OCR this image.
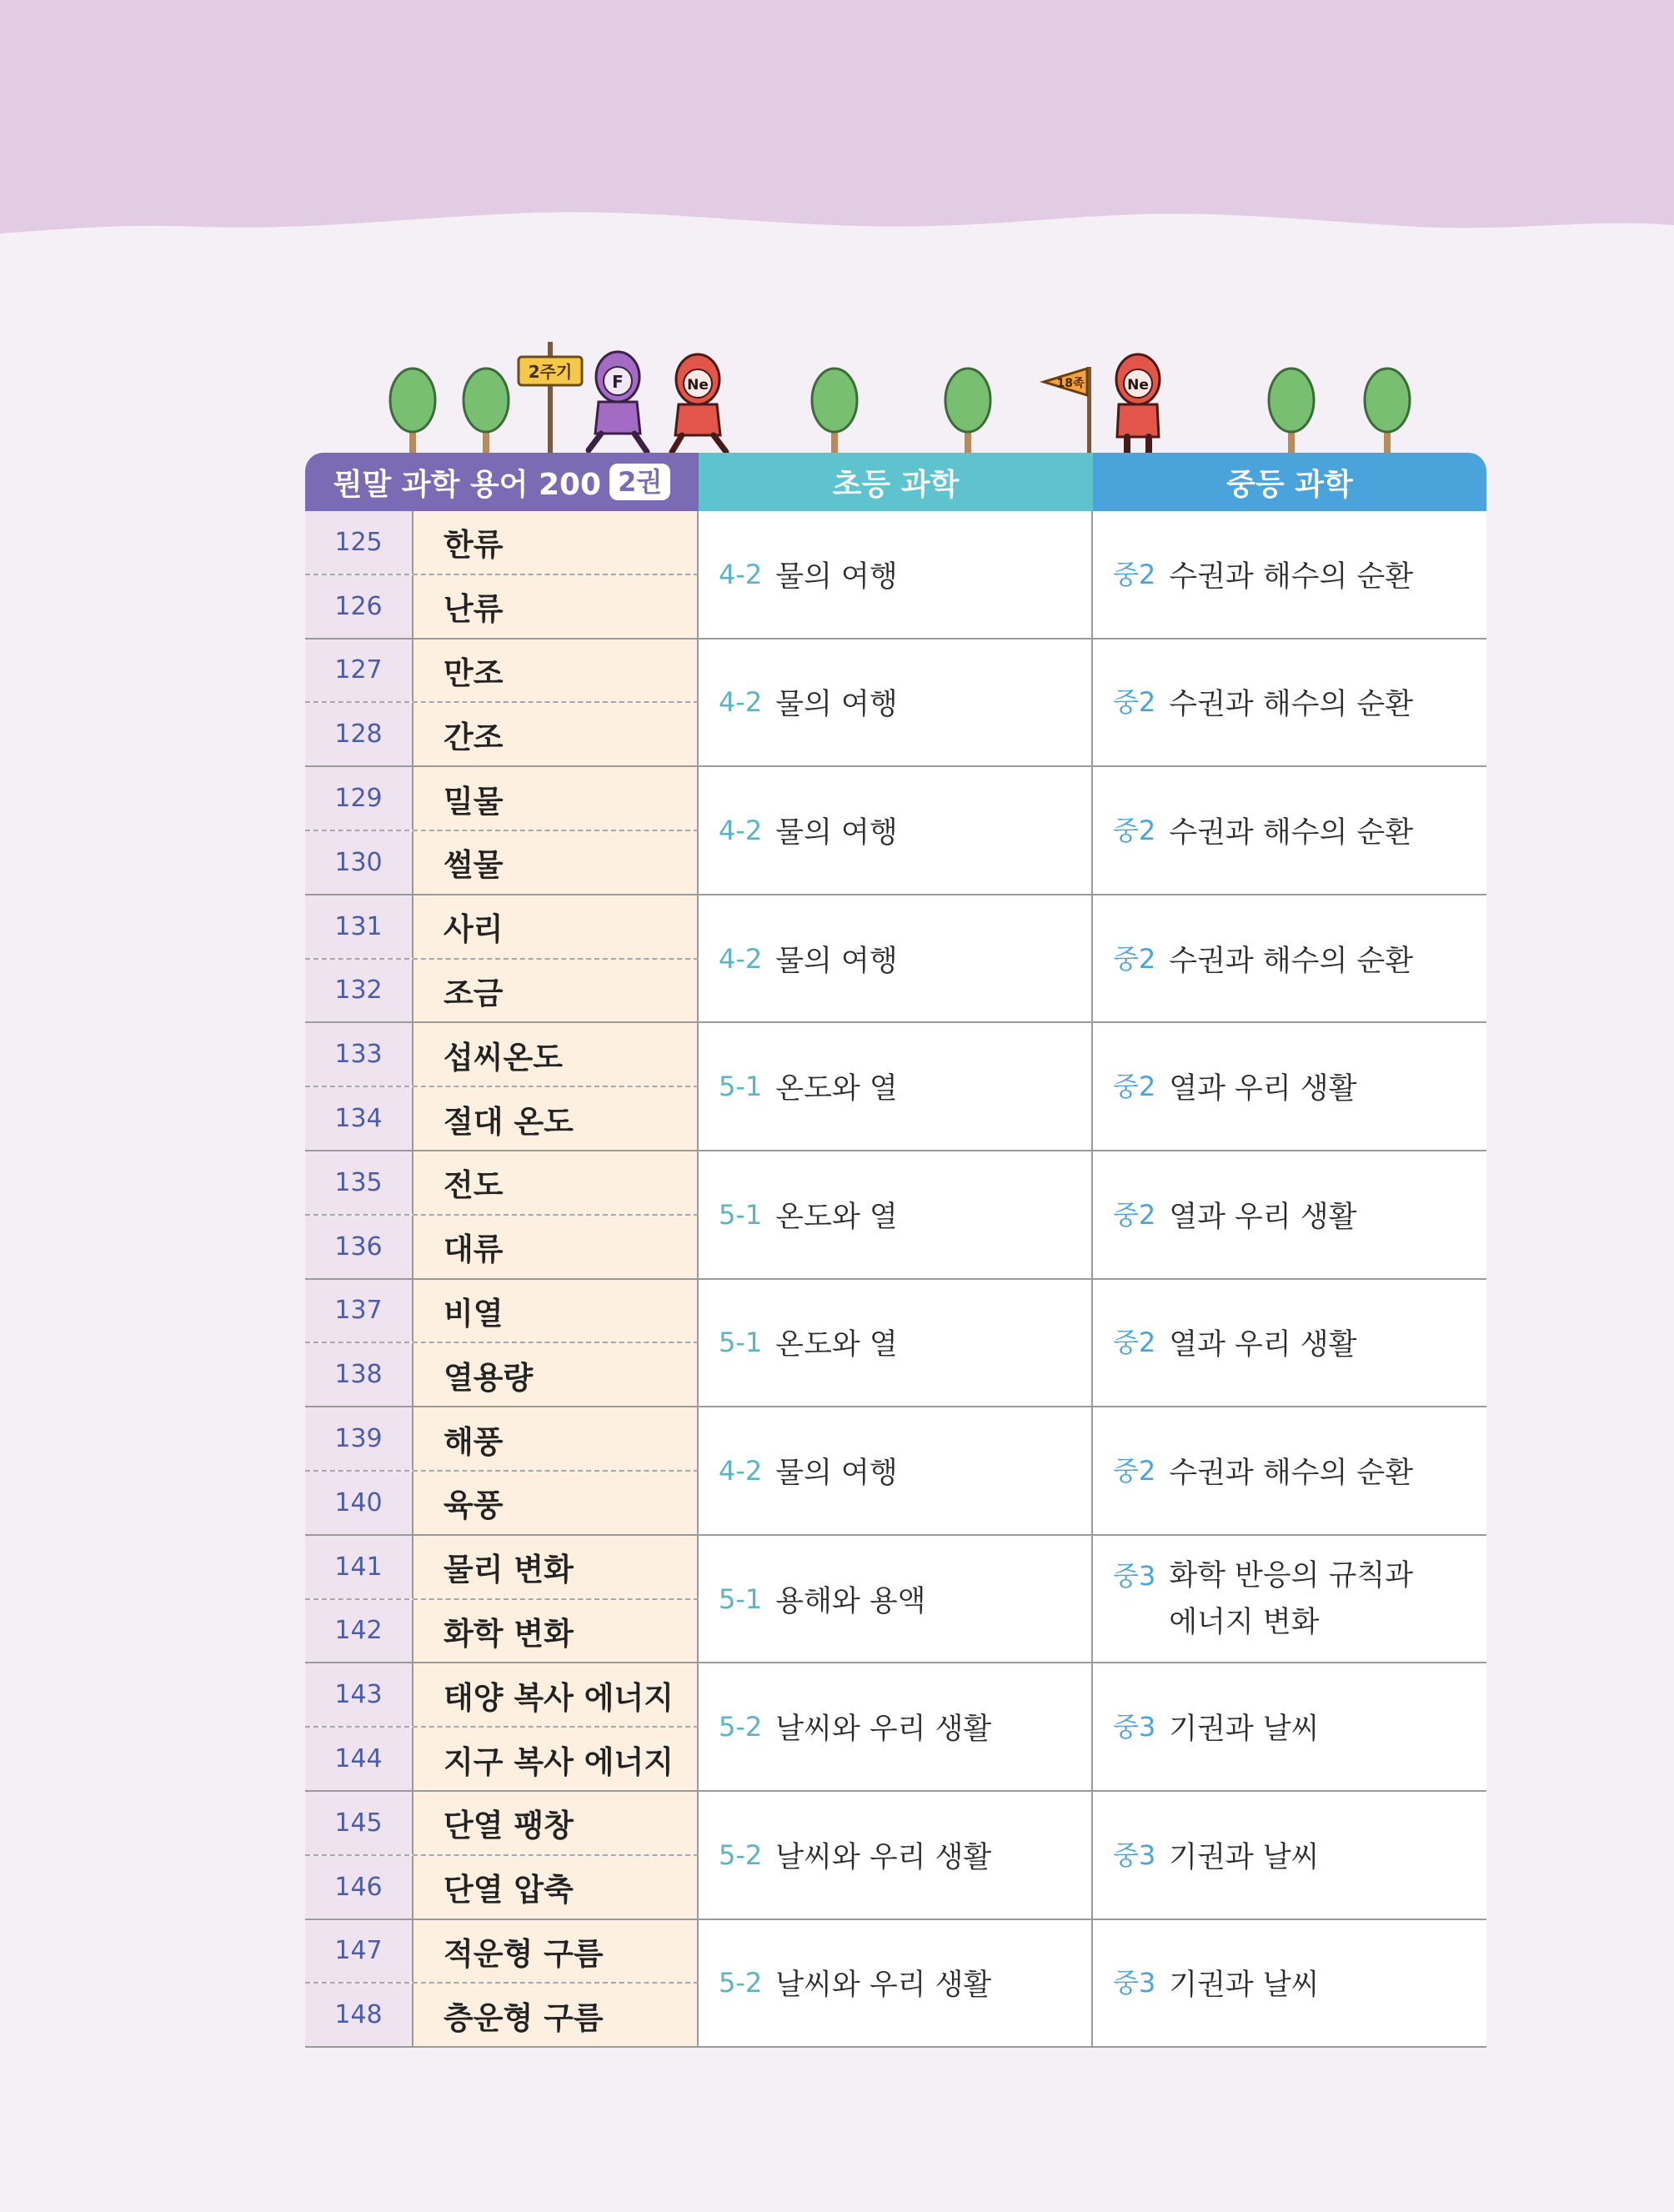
2주기 F	Ne	18족	Ne
뭔말 과학 용어 200 2권	초등 과학	중등 과학
125	한류
126	난류
4-2 물의 여행	중2 수권과 해수의 순환
127	만조
128	간조
4-2 물의 여행	중2 수권과 해수의 순환
129	밀물
130	썰물
4-2 물의 여행	중2 수권과 해수의 순환
131	사리
132	조금
4-2 물의 여행	중2 수권과 해수의 순환
133	섭씨온도
134	절대 온도
5-1 온도와 열	중2 열과 우리 생활
135	전도
136	대류
5-1 온도와 열	중2 열과 우리 생활
137	비열
138	열용량
5-1 온도와 열	중2 열과 우리 생활
139	해풍
140	육풍
4-2 물의 여행	중2 수권과 해수의 순환
141	물리 변화
142	화학 변화
5-1 용해와 용액
중3 화학 반응의 규칙과
에너지 변화
143	태양 복사 에너지
144	지구 복사 에너지
5-2 날씨와 우리 생활	중3 기권과 날씨
145	단열 팽창
146	단열 압축
5-2 날씨와 우리 생활	중3 기권과 날씨
147	적운형 구름
148	층운형 구름
5-2 날씨와 우리 생활	중3 기권과 날씨
